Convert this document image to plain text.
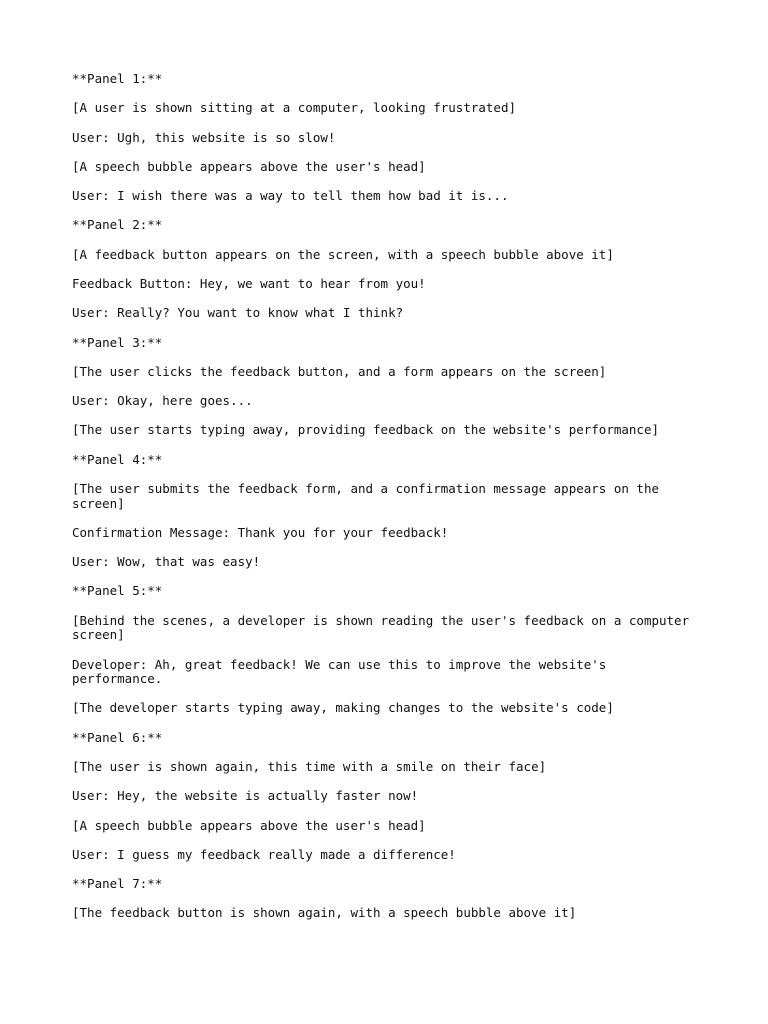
**Panel 1:**

[A user is shown sitting at a computer, looking frustrated]

User: Ugh, this website is so slow!

[A speech bubble appears above the user's head]

User: I wish there was a way to tell them how bad it is...

**Panel 2:**

[A feedback button appears on the screen, with a speech bubble above it]

Feedback Button: Hey, we want to hear from you!

User: Really? You want to know what I think?

**Panel 3:**

[The user clicks the feedback button, and a form appears on the screen]

User: Okay, here goes...

[The user starts typing away, providing feedback on the website's performance]

**Panel 4:**

[The user submits the feedback form, and a confirmation message appears on the screen]

Confirmation Message: Thank you for your feedback!

User: Wow, that was easy!

**Panel 5:**

[Behind the scenes, a developer is shown reading the user's feedback on a computer screen]

Developer: Ah, great feedback! We can use this to improve the website's performance.

[The developer starts typing away, making changes to the website's code]

**Panel 6:**

[The user is shown again, this time with a smile on their face]

User: Hey, the website is actually faster now!

[A speech bubble appears above the user's head]

User: I guess my feedback really made a difference!

**Panel 7:**

[The feedback button is shown again, with a speech bubble above it]
